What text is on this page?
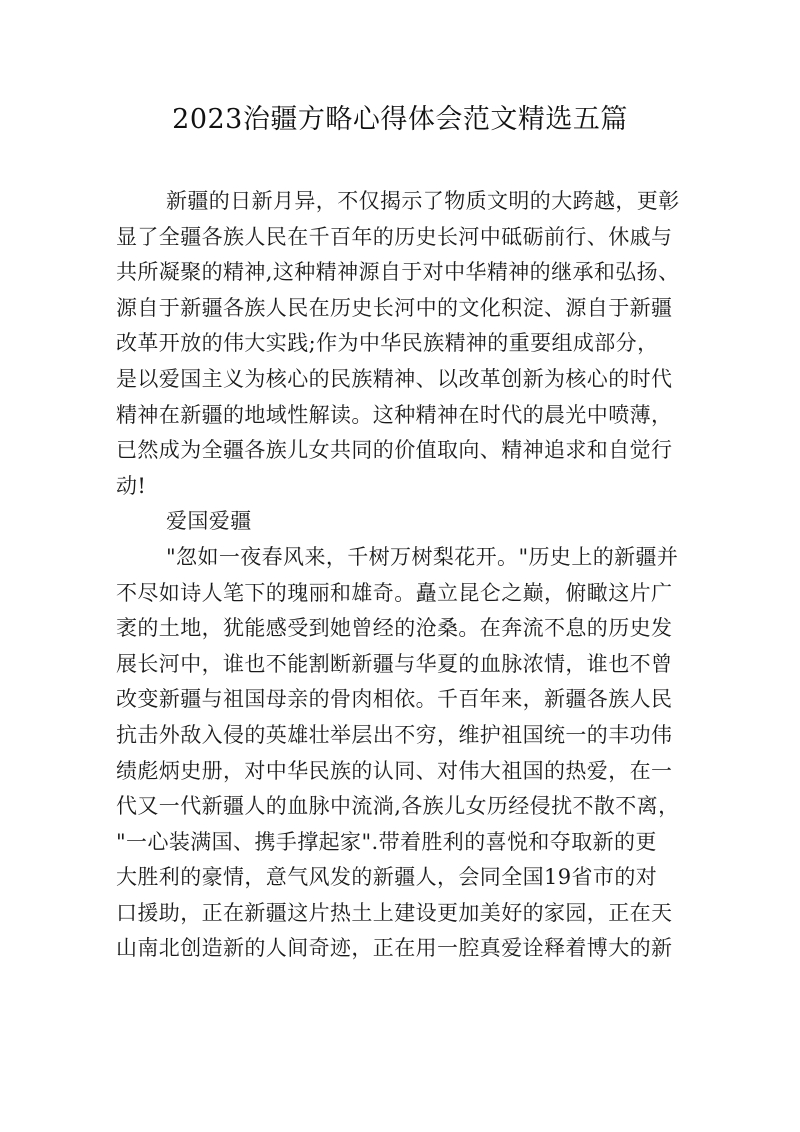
2023治疆方略心得体会范文精选五篇
新疆的日新月异，不仅揭示了物质文明的大跨越，更彰
显了全疆各族人民在千百年的历史长河中砥砺前行、休戚与
共所凝聚的精神,这种精神源自于对中华精神的继承和弘扬、
源自于新疆各族人民在历史长河中的文化积淀、源自于新疆
改革开放的伟大实践;作为中华民族精神的重要组成部分，
是以爱国主义为核心的民族精神、以改革创新为核心的时代
精神在新疆的地域性解读。这种精神在时代的晨光中喷薄，
已然成为全疆各族儿女共同的价值取向、精神追求和自觉行
动!
爱国爱疆
"忽如一夜春风来，千树万树梨花开。"历史上的新疆并
不尽如诗人笔下的瑰丽和雄奇。矗立昆仑之巅，俯瞰这片广
袤的土地，犹能感受到她曾经的沧桑。在奔流不息的历史发
展长河中，谁也不能割断新疆与华夏的血脉浓情，谁也不曾
改变新疆与祖国母亲的骨肉相依。千百年来，新疆各族人民
抗击外敌入侵的英雄壮举层出不穷，维护祖国统一的丰功伟
绩彪炳史册，对中华民族的认同、对伟大祖国的热爱，在一
代又一代新疆人的血脉中流淌,各族儿女历经侵扰不散不离，
"一心装满国、携手撑起家".带着胜利的喜悦和夺取新的更
大胜利的豪情，意气风发的新疆人，会同全国19省市的对
口援助，正在新疆这片热土上建设更加美好的家园，正在天
山南北创造新的人间奇迹，正在用一腔真爱诠释着博大的新
